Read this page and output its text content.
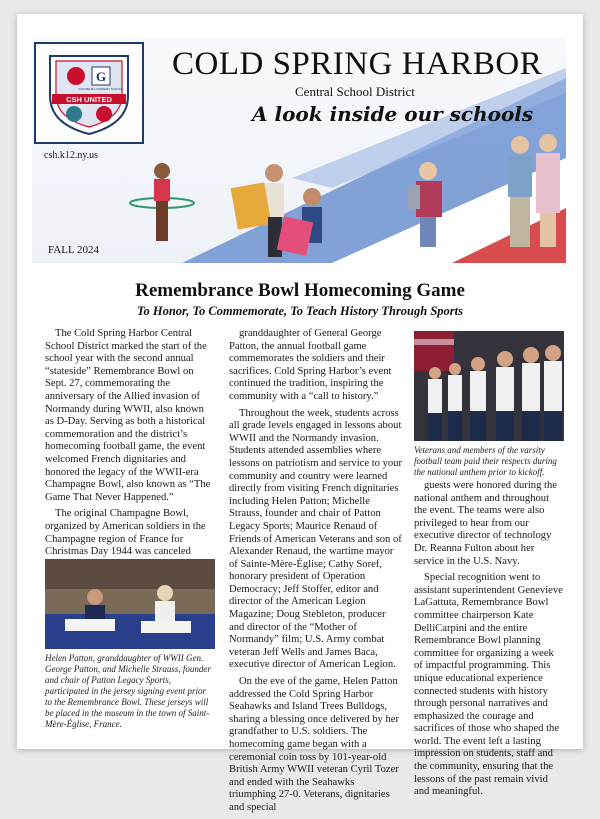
G
GOOSEHILL PRIMARY SCHOOL
CSH UNITED
csh.k12.ny.us
COLD SPRING HARBOR
Central School District
A look inside our schools
FALL 2024
Remembrance Bowl Homecoming Game
To Honor, To Commemorate, To Teach History Through Sports

The Cold Spring Harbor Central School District marked the start of the school year with the second annual “stateside” Remembrance Bowl on Sept. 27, commemorating the anniversary of the Allied invasion of Normandy during WWII, also known as D-Day. Serving as both a historical commemoration and the district’s homecoming football game, the event welcomed French dignitaries and honored the legacy of the WWII-era Champagne Bowl, also known as “The Game That Never Happened.”

The original Champagne Bowl, organized by American soldiers in the Champagne region of France for Christmas Day 1944 was canceled

Helen Patton, granddaughter of WWII Gen. George Patton, and Michelle Strauss, founder and chair of Patton Legacy Sports, participated in the jersey signing event prior to the Remembrance Bowl. These jerseys will be placed in the museum in the town of Saint-Mère-Église, France.

granddaughter of General George Patton, the annual football game commemorates the soldiers and their sacrifices. Cold Spring Harbor’s event continued the tradition, inspiring the community with a “call to history.”

Throughout the week, students across all grade levels engaged in lessons about WWII and the Normandy invasion. Students attended assemblies where lessons on patriotism and service to your community and country were learned directly from visiting French dignitaries including Helen Patton; Michelle Strauss, founder and chair of Patton Legacy Sports; Maurice Renaud of Friends of American Veterans and son of Alexander Renaud, the wartime mayor of Sainte-Mère-Église; Cathy Soref, honorary president of Operation Democracy; Jeff Stoffer, editor and director of the American Legion Magazine; Doug Stebleton, producer and director of the “Mother of Normandy” film; U.S. Army combat veteran Jeff Wells and James Baca, executive director of American Legion.

On the eve of the game, Helen Patton addressed the Cold Spring Harbor Seahawks and Island Trees Bulldogs, sharing a blessing once delivered by her grandfather to U.S. soldiers. The homecoming game began with a ceremonial coin toss by 101-year-old British Army WWII veteran Cyril Tozer and ended with the Seahawks triumphing 27-0. Veterans, dignitaries and special

Veterans and members of the varsity football team paid their respects during the national anthem prior to kickoff.

guests were honored during the national anthem and throughout the event. The teams were also privileged to hear from our executive director of technology Dr. Reanna Fulton about her service in the U.S. Navy.

Special recognition went to assistant superintendent Genevieve LaGattuta, Remembrance Bowl committee chairperson Kate DelliCarpini and the entire Remembrance Bowl planning committee for organizing a week of impactful programming. This unique educational experience connected students with history through personal narratives and emphasized the courage and sacrifices of those who shaped the world. The event left a lasting impression on students, staff and the community, ensuring that the lessons of the past remain vivid and meaningful.
